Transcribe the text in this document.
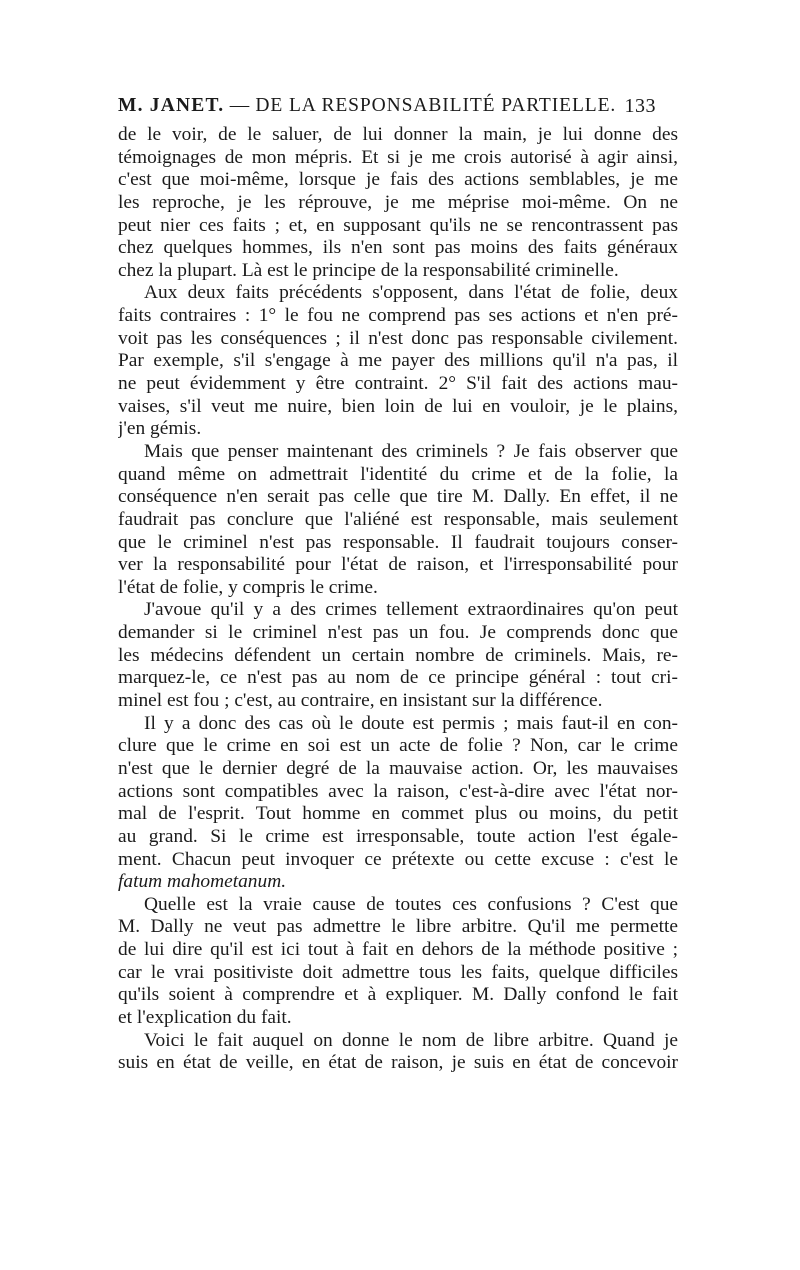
M. JANET. — DE LA RESPONSABILITÉ PARTIELLE. 133
de le voir, de le saluer, de lui donner la main, je lui donne des
témoignages de mon mépris. Et si je me crois autorisé à agir ainsi,
c'est que moi-même, lorsque je fais des actions semblables, je me
les reproche, je les réprouve, je me méprise moi-même. On ne
peut nier ces faits ; et, en supposant qu'ils ne se rencontrassent pas
chez quelques hommes, ils n'en sont pas moins des faits généraux
chez la plupart. Là est le principe de la responsabilité criminelle.
Aux deux faits précédents s'opposent, dans l'état de folie, deux
faits contraires : 1° le fou ne comprend pas ses actions et n'en pré-
voit pas les conséquences ; il n'est donc pas responsable civilement.
Par exemple, s'il s'engage à me payer des millions qu'il n'a pas, il
ne peut évidemment y être contraint. 2° S'il fait des actions mau-
vaises, s'il veut me nuire, bien loin de lui en vouloir, je le plains,
j'en gémis.
Mais que penser maintenant des criminels ? Je fais observer que
quand même on admettrait l'identité du crime et de la folie, la
conséquence n'en serait pas celle que tire M. Dally. En effet, il ne
faudrait pas conclure que l'aliéné est responsable, mais seulement
que le criminel n'est pas responsable. Il faudrait toujours conser-
ver la responsabilité pour l'état de raison, et l'irresponsabilité pour
l'état de folie, y compris le crime.
J'avoue qu'il y a des crimes tellement extraordinaires qu'on peut
demander si le criminel n'est pas un fou. Je comprends donc que
les médecins défendent un certain nombre de criminels. Mais, re-
marquez-le, ce n'est pas au nom de ce principe général : tout cri-
minel est fou ; c'est, au contraire, en insistant sur la différence.
Il y a donc des cas où le doute est permis ; mais faut-il en con-
clure que le crime en soi est un acte de folie ? Non, car le crime
n'est que le dernier degré de la mauvaise action. Or, les mauvaises
actions sont compatibles avec la raison, c'est-à-dire avec l'état nor-
mal de l'esprit. Tout homme en commet plus ou moins, du petit
au grand. Si le crime est irresponsable, toute action l'est égale-
ment. Chacun peut invoquer ce prétexte ou cette excuse : c'est le
fatum mahometanum.
Quelle est la vraie cause de toutes ces confusions ? C'est que
M. Dally ne veut pas admettre le libre arbitre. Qu'il me permette
de lui dire qu'il est ici tout à fait en dehors de la méthode positive ;
car le vrai positiviste doit admettre tous les faits, quelque difficiles
qu'ils soient à comprendre et à expliquer. M. Dally confond le fait
et l'explication du fait.
Voici le fait auquel on donne le nom de libre arbitre. Quand je
suis en état de veille, en état de raison, je suis en état de concevoir
